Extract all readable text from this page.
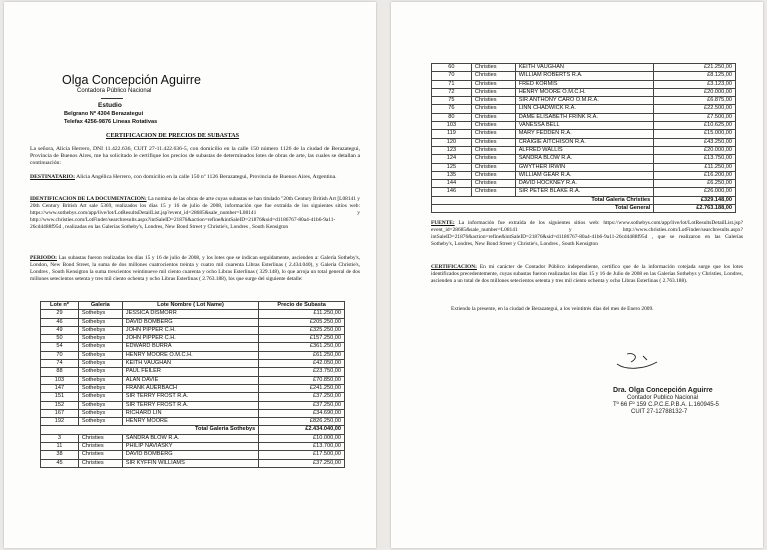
Olga Concepción Aguirre
Contadora Público Nacional
Estudio
Belgrano Nº 4304 Berazategui
Telefax 4256-9876 Lineas Rotativas
CERTIFICACION DE PRECIOS DE SUBASTAS

La señora, Alicia Herrero, DNI 11.422.636, CUIT 27-11.422.636-5, con domicilio en la calle 150 número 1126 de la ciudad de Berazategui, Provincia de Buenos Aires, me ha solicitado le certifique los precios de subastas de determinados lotes de obras de arte, las cuales se detallan a continuación:

DESTINATARIO: Alicia Angélica Herrero, con domicilio en la calle 150 nº 1126 Berazategui, Provincia de Buenos Aires, Argentina.

IDENTIFICACION DE LA DOCUMENTACION: La nomina de las obras de arte cuyas subastas se han titulado "20th Century British Art [L08141 y 20th Century British Art sale 5369, realizados los días 15 y 16 de julio de 2008, información que fue extraída de los siguientes sitios web: https://www.sothebys.com/app/live/lot/LotResultsDetailList.jsp?event_id=28685&sale_number=L08141 y http://www.christies.com/LotFinder/searchresults.aspx?intSaleID=21876&action=refine&intSaleID=21876&sid=d1186767-80a4-41b6-9a11-26cd4488f95d , realizadas en las Galerías Sotheby's, Londres, New Bond Street y Christie's, Londres , South Kensigton

PERIODO: Las subastas fueron realizadas los días 15 y 16 de julio de 2008, y los lotes que se indican seguidamente, ascienden a: Galería Sotheby's, London, New Bond Street, la suma de dos millones cuatrocientos treinta y cuatro mil cuarenta Libras Esterlinas ( 2.434.040), y Galería Christie's, Londres , South Kensigton la suma trescientos veintinueve mil ciento cuarenta y ocho Libras Esterlinas ( 329.148), lo que arroja un total general de dos millones setecientos setenta y tres mil ciento ochenta y ocho Libras Esterlinas ( 2.763.188), los que surge del siguiente detalle:

Lote nº	Galeria	Lote Nombre ( Lot Name)	Precio de Subasta
29	Sothebys	JESSICA DISMORR	£11.250,00
46	Sothebys	DAVID BOMBERG	£205.250,00
49	Sothebys	JOHN PIPPER C.H.	£325.250,00
50	Sothebys	JOHN PIPPER C.H.	£157.250,00
54	Sothebys	EDWARD BURRA	£361.250,00
70	Sothebys	HENRY MOORE O.M.C.H.	£61.250,00
74	Sothebys	KEITH VAUGHAN	£42.050,00
88	Sothebys	PAUL FEILER	£23.750,00
103	Sothebys	ALAN DAVIE	£70.850,00
147	Sothebys	FRANK AUERBACH	£241.250,00
151	Sothebys	SIR TERRY FROST R.A.	£37.250,00
152	Sothebys	SIR TERRY FROST R.A.	£37.250,00
167	Sothebys	RICHARD LIN	£34.690,00
192	Sothebys	HENRY MOORE	£826.250,00
Total Galeria Sothebys			£2.434.040,00
3	Christies	SANDRA BLOW R.A.	£10.000,00
11	Christies	PHILIP NAVIASKY	£13.700,00
38	Christies	DAVID BOMBERG	£17.500,00
45	Christies	SIR KYFFIN WILLIAMS	£37.250,00
60	Christies	KEITH VAUGHAN	£21.250,00
70	Christies	WILLIAM ROBERTS R.A.	£8.125,00
71	Christies	FRED KORMIS	£3.123,00
72	Christies	HENRY MOORE O.M.C.H.	£20.000,00
75	Christies	SIR ANTHONY CARO O.M.R.A.	£6.875,00
76	Christies	LINN CHADWICK R.A.	£22.500,00
80	Christies	DAME ELISABETH FRINK R.A.	£7.500,00
103	Christies	VANESSA BELL	£10.625,00
119	Christies	MARY FEDDEN R.A.	£15.000,00
120	Christies	CRAIGIE AITCHISON R.A.	£43.250,00
123	Christies	ALFRED WALLIS	£20.000,00
124	Christies	SANDRA BLOW R.A.	£13.750,00
125	Christies	GWYTHER IRWIN	£11.250,00
135	Christies	WILLIAM GEAR R.A.	£16.200,00
144	Christies	DAVID HOCKNEY R.A.	£6.250,00
146	Christies	SIR PETER BLAKE R.A.	£26.000,00
Total Galeria Christies			£329.148,00
Total General			£2.763.188,00

FUENTE: La información fue extraída de los siguientes sitios web: https://www.sothebys.com/app/live/lot/LotResultsDetailList.jsp?event_id=28685&sale_number=L08141 y http://www.christies.com/LotFinder/searchresults.aspx?intSaleID=21876&action=refine&intSaleID=21876&sid=d1186767-80a4-41b6-9a11-26cd4488f95d , que se realizaron en las Galerías Sotheby's, Londres, New Bond Street y Christie's, Londres , South Kensigton

CERTIFICACION: En mi carácter de Contador Público independiente, certifico que de la información cotejada surge que los lotes identificados precedentemente, cuyas subastas fueron realizadas los días 15 y 16 de Julio de 2008 en las Galerías Sothebys y Christies, Londres, ascienden a un total de dos millones setecientos setenta y tres mil ciento ochenta y ocho Libras Esterlinas ( 2.763.188).

Extiendo la presente, en la ciudad de Berazategui, a los veintitrés días del mes de Enero 2009.

Dra. Olga Concepción Aguirre
Contador Publico Nacional
Tº 66 Fº 159 C.P.C.E.P.B.A. L.160945-5
CUIT 27-12788132-7
